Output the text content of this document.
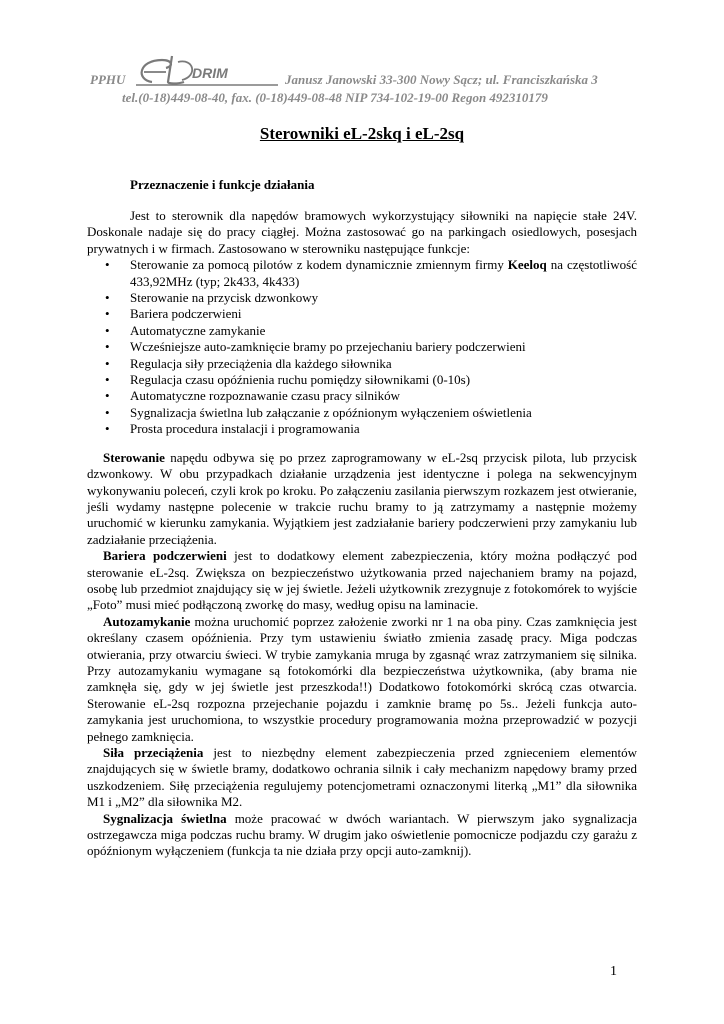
PPHU	DRIM	Janusz Janowski 33-300 Nowy Sącz; ul. Franciszkańska 3
tel.(0-18)449-08-40, fax. (0-18)449-08-48 NIP 734-102-19-00 Regon 492310179
Sterowniki eL-2skq i eL-2sq
Przeznaczenie i funkcje działania

Jest to sterownik dla napędów bramowych wykorzystujący siłowniki na napięcie stałe 24V. Doskonale nadaje się do pracy ciągłej. Można zastosować go na parkingach osiedlowych, posesjach prywatnych i w firmach. Zastosowano w sterowniku następujące funkcje:

• Sterowanie za pomocą pilotów z kodem dynamicznie zmiennym firmy Keeloq na częstotliwość 433,92MHz (typ; 2k433, 4k433)
• Sterowanie na przycisk dzwonkowy
• Bariera podczerwieni
• Automatyczne zamykanie
• Wcześniejsze auto-zamknięcie bramy po przejechaniu bariery podczerwieni
• Regulacja siły przeciążenia dla każdego siłownika
• Regulacja czasu opóźnienia ruchu pomiędzy siłownikami (0-10s)
• Automatyczne rozpoznawanie czasu pracy silników
• Sygnalizacja świetlna lub załączanie z opóźnionym wyłączeniem oświetlenia
• Prosta procedura instalacji i programowania

Sterowanie napędu odbywa się po przez zaprogramowany w eL-2sq przycisk pilota, lub przycisk dzwonkowy. W obu przypadkach działanie urządzenia jest identyczne i polega na sekwencyjnym wykonywaniu poleceń, czyli krok po kroku. Po załączeniu zasilania pierwszym rozkazem jest otwieranie, jeśli wydamy następne polecenie w trakcie ruchu bramy to ją zatrzymamy a następnie możemy uruchomić w kierunku zamykania. Wyjątkiem jest zadziałanie bariery podczerwieni przy zamykaniu lub zadziałanie przeciążenia.

Bariera podczerwieni jest to dodatkowy element zabezpieczenia, który można podłączyć pod sterowanie eL-2sq. Zwiększa on bezpieczeństwo użytkowania przed najechaniem bramy na pojazd, osobę lub przedmiot znajdujący się w jej świetle. Jeżeli użytkownik zrezygnuje z fotokomórek to wyjście „Foto” musi mieć podłączoną zworkę do masy, według opisu na laminacie.

Autozamykanie można uruchomić poprzez założenie zworki nr 1 na oba piny. Czas zamknięcia jest określany czasem opóźnienia. Przy tym ustawieniu światło zmienia zasadę pracy. Miga podczas otwierania, przy otwarciu świeci. W trybie zamykania mruga by zgasnąć wraz zatrzymaniem się silnika. Przy autozamykaniu wymagane są fotokomórki dla bezpieczeństwa użytkownika, (aby brama nie zamknęła się, gdy w jej świetle jest przeszkoda!!) Dodatkowo fotokomórki skrócą czas otwarcia. Sterowanie eL-2sq rozpozna przejechanie pojazdu i zamknie bramę po 5s.. Jeżeli funkcja auto-zamykania jest uruchomiona, to wszystkie procedury programowania można przeprowadzić w pozycji pełnego zamknięcia.

Siła przeciążenia jest to niezbędny element zabezpieczenia przed zgnieceniem elementów znajdujących się w świetle bramy, dodatkowo ochrania silnik i cały mechanizm napędowy bramy przed uszkodzeniem. Siłę przeciążenia regulujemy potencjometrami oznaczonymi literką „M1” dla siłownika M1 i „M2” dla siłownika M2.

Sygnalizacja świetlna może pracować w dwóch wariantach. W pierwszym jako sygnalizacja ostrzegawcza miga podczas ruchu bramy. W drugim jako oświetlenie pomocnicze podjazdu czy garażu z opóźnionym wyłączeniem (funkcja ta nie działa przy opcji auto-zamknij).

1
